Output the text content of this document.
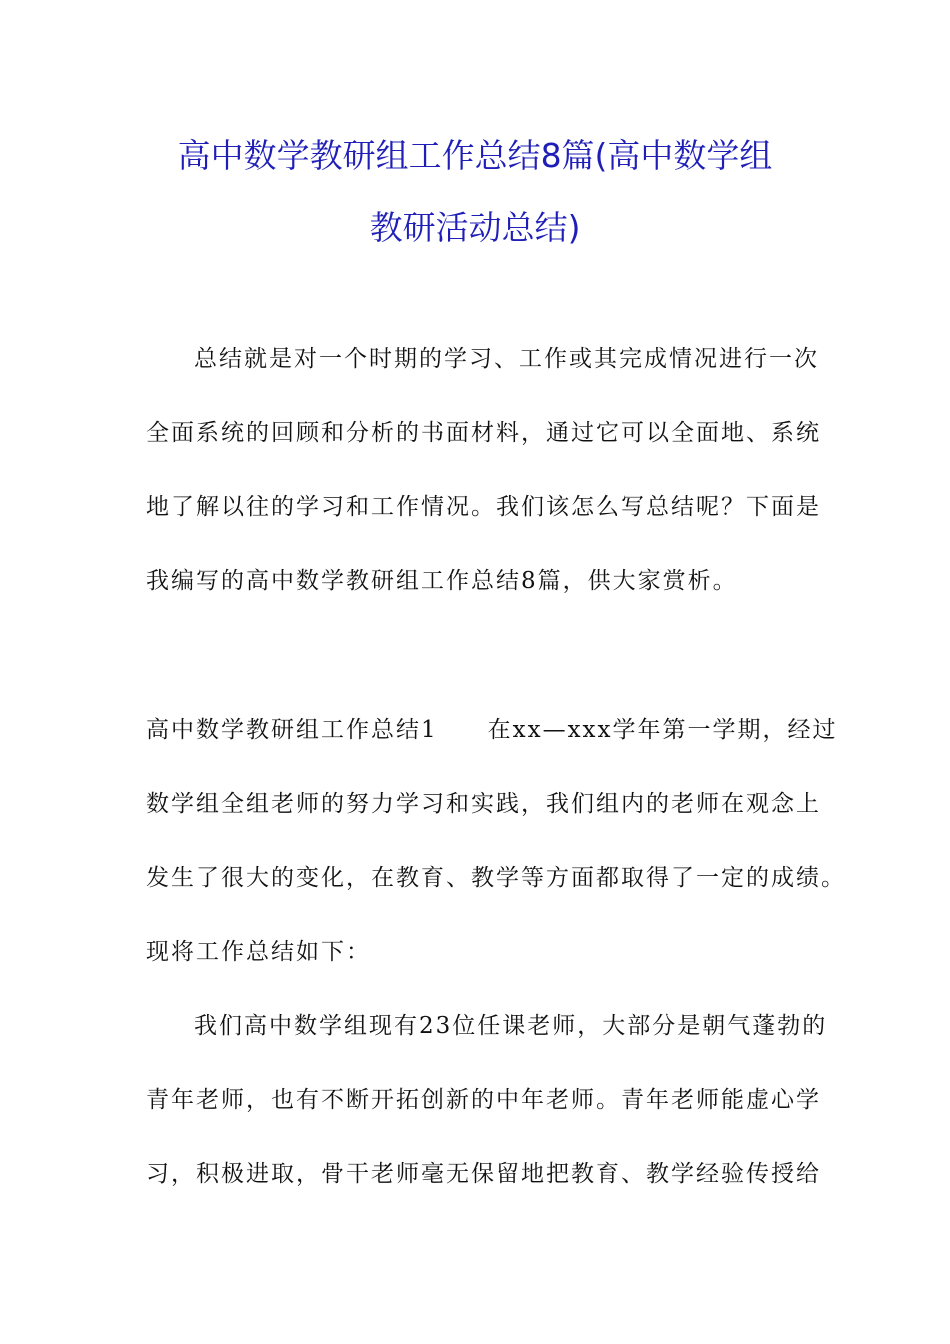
高中数学教研组工作总结8篇(高中数学组
教研活动总结)
总结就是对一个时期的学习、工作或其完成情况进行一次
全面系统的回顾和分析的书面材料，通过它可以全面地、系统
地了解以往的学习和工作情况。我们该怎么写总结呢？下面是
我编写的高中数学教研组工作总结8篇，供大家赏析。
高中数学教研组工作总结1　　在xx—xxx学年第一学期，经过
数学组全组老师的努力学习和实践，我们组内的老师在观念上
发生了很大的变化，在教育、教学等方面都取得了一定的成绩。
现将工作总结如下：
我们高中数学组现有23位任课老师，大部分是朝气蓬勃的
青年老师，也有不断开拓创新的中年老师。青年老师能虚心学
习，积极进取，骨干老师毫无保留地把教育、教学经验传授给
